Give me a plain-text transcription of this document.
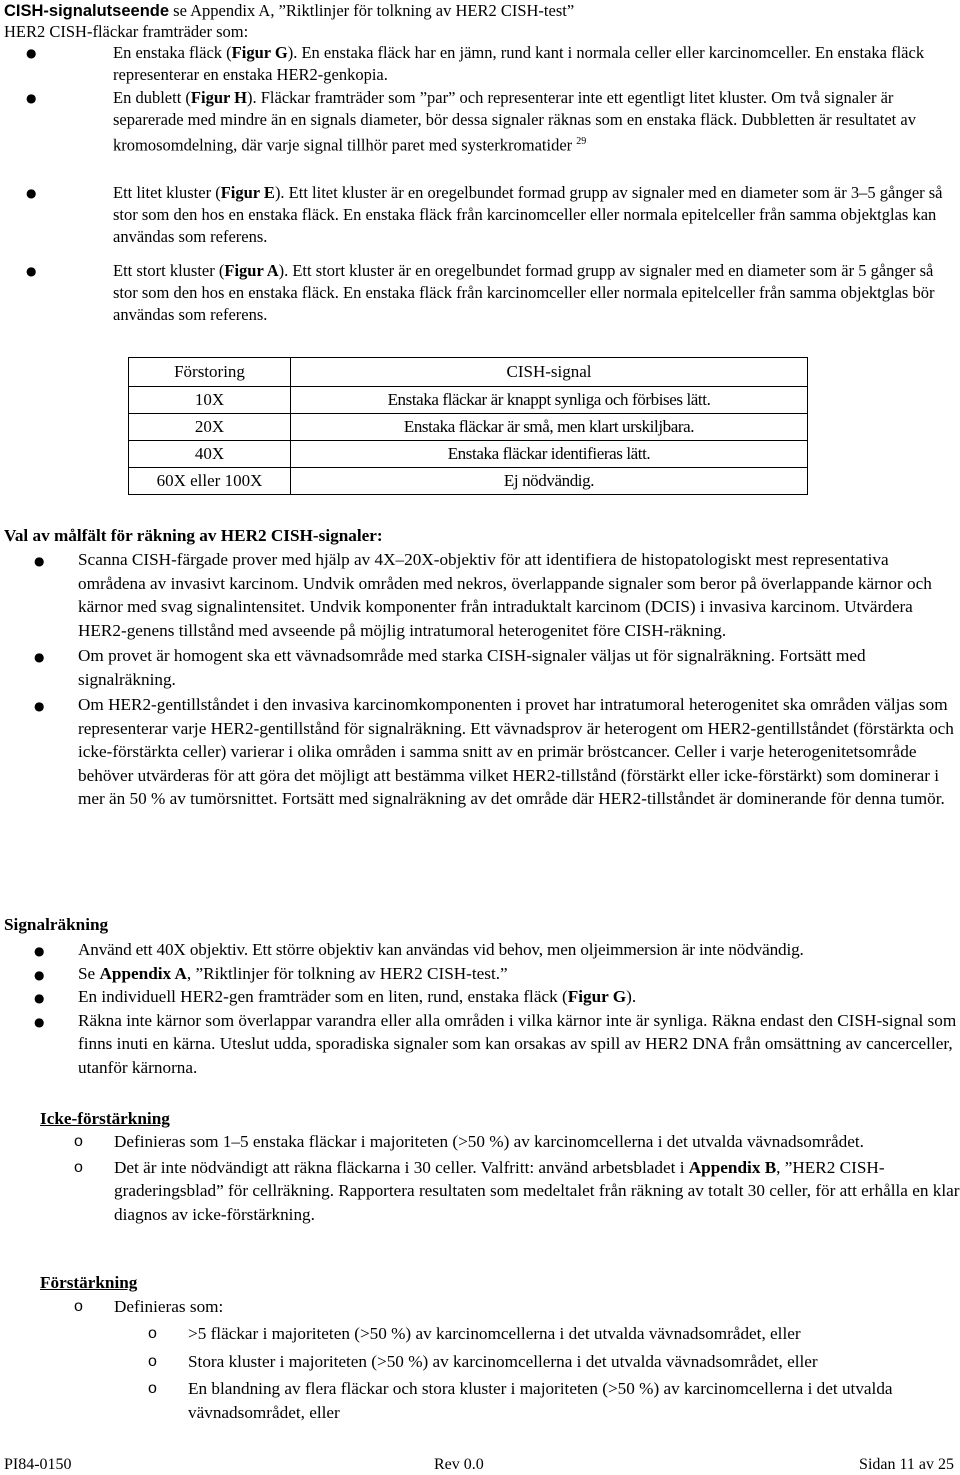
CISH-signalutseende se Appendix A, ”Riktlinjer för tolkning av HER2 CISH-test”
HER2 CISH-fläckar framträder som:
●	En enstaka fläck (Figur G). En enstaka fläck har en jämn, rund kant i normala celler eller karcinomceller. En enstaka fläck representerar en enstaka HER2-genkopia.
●	En dublett (Figur H). Fläckar framträder som ”par” och representerar inte ett egentligt litet kluster. Om två signaler är separerade med mindre än en signals diameter, bör dessa signaler räknas som en enstaka fläck. Dubbletten är resultatet av kromosomdelning, där varje signal tillhör paret med systerkromatider $^{29}$
●	Ett litet kluster (Figur E). Ett litet kluster är en oregelbundet formad grupp av signaler med en diameter som är 3–5 gånger så stor som den hos en enstaka fläck. En enstaka fläck från karcinomceller eller normala epitelceller från samma objektglas kan användas som referens.
●	Ett stort kluster (Figur A). Ett stort kluster är en oregelbundet formad grupp av signaler med en diameter som är 5 gånger så stor som den hos en enstaka fläck. En enstaka fläck från karcinomceller eller normala epitelceller från samma objektglas bör användas som referens.
Förstoring	CISH-signal
10X	Enstaka fläckar är knappt synliga och förbises lätt.
20X	Enstaka fläckar är små, men klart urskiljbara.
40X	Enstaka fläckar identifieras lätt.
60X eller 100X	Ej nödvändig.
Val av målfält för räkning av HER2 CISH-signaler:
●	Scanna CISH-färgade prover med hjälp av 4X–20X-objektiv för att identifiera de histopatologiskt mest representativa områdena av invasivt karcinom. Undvik områden med nekros, överlappande signaler som beror på överlappande kärnor och kärnor med svag signalintensitet. Undvik komponenter från intraduktalt karcinom (DCIS) i invasiva karcinom. Utvärdera HER2-genens tillstånd med avseende på möjlig intratumoral heterogenitet före CISH-räkning.
●	Om provet är homogent ska ett vävnadsområde med starka CISH-signaler väljas ut för signalräkning. Fortsätt med signalräkning.
●	Om HER2-gentillståndet i den invasiva karcinomkomponenten i provet har intratumoral heterogenitet ska områden väljas som representerar varje HER2-gentillstånd för signalräkning. Ett vävnadsprov är heterogent om HER2-gentillståndet (förstärkta och icke-förstärkta celler) varierar i olika områden i samma snitt av en primär bröstcancer. Celler i varje heterogenitetsområde behöver utvärderas för att göra det möjligt att bestämma vilket HER2-tillstånd (förstärkt eller icke-förstärkt) som dominerar i mer än 50 % av tumörsnittet. Fortsätt med signalräkning av det område där HER2-tillståndet är dominerande för denna tumör.
Signalräkning
●	Använd ett 40X objektiv. Ett större objektiv kan användas vid behov, men oljeimmersion är inte nödvändig.
●	Se Appendix A, ”Riktlinjer för tolkning av HER2 CISH-test.”
●	En individuell HER2-gen framträder som en liten, rund, enstaka fläck (Figur G).
●	Räkna inte kärnor som överlappar varandra eller alla områden i vilka kärnor inte är synliga. Räkna endast den CISH-signal som finns inuti en kärna. Uteslut udda, sporadiska signaler som kan orsakas av spill av HER2 DNA från omsättning av cancerceller, utanför kärnorna.
Icke-förstärkning
o	Definieras som 1–5 enstaka fläckar i majoriteten (>50 %) av karcinomcellerna i det utvalda vävnadsområdet.
o	Det är inte nödvändigt att räkna fläckarna i 30 celler. Valfritt: använd arbetsbladet i Appendix B, ”HER2 CISH-graderingsblad” för cellräkning. Rapportera resultaten som medeltalet från räkning av totalt 30 celler, för att erhålla en klar diagnos av icke-förstärkning.
Förstärkning
o	Definieras som:
o	>5 fläckar i majoriteten (>50 %) av karcinomcellerna i det utvalda vävnadsområdet, eller
o	Stora kluster i majoriteten (>50 %) av karcinomcellerna i det utvalda vävnadsområdet, eller
o	En blandning av flera fläckar och stora kluster i majoriteten (>50 %) av karcinomcellerna i det utvalda vävnadsområdet, eller
PI84-0150	Rev 0.0	Sidan 11 av 25
